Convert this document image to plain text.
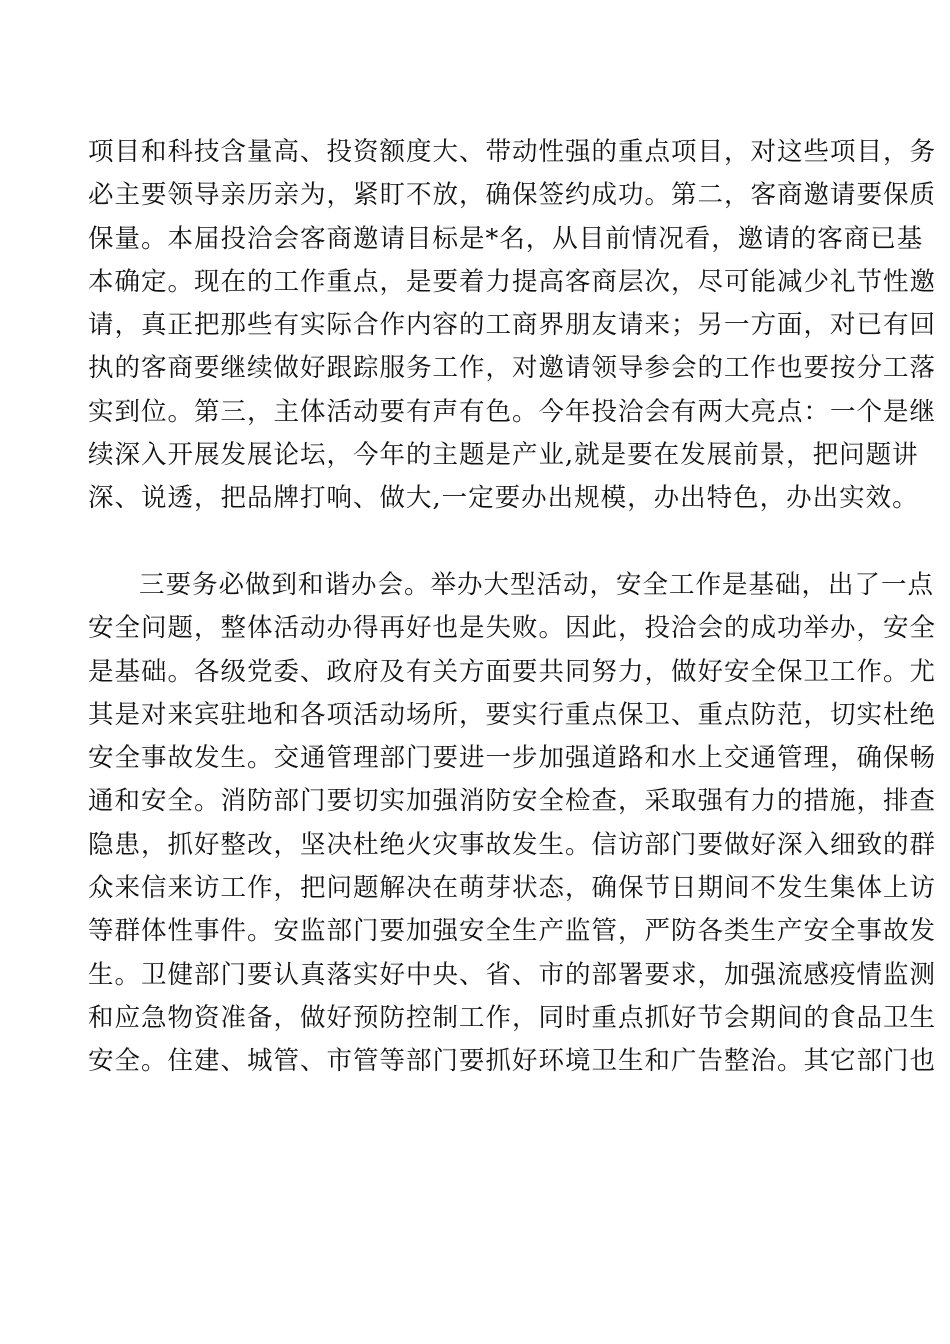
项目和科技含量高、投资额度大、带动性强的重点项目，对这些项目，务
必主要领导亲历亲为，紧盯不放，确保签约成功。第二，客商邀请要保质
保量。本届投洽会客商邀请目标是*名，从目前情况看，邀请的客商已基
本确定。现在的工作重点，是要着力提高客商层次，尽可能减少礼节性邀
请，真正把那些有实际合作内容的工商界朋友请来；另一方面，对已有回
执的客商要继续做好跟踪服务工作，对邀请领导参会的工作也要按分工落
实到位。第三，主体活动要有声有色。今年投洽会有两大亮点：一个是继
续深入开展发展论坛，今年的主题是产业,就是要在发展前景，把问题讲
深、说透，把品牌打响、做大,一定要办出规模，办出特色，办出实效。
三要务必做到和谐办会。举办大型活动，安全工作是基础，出了一点
安全问题，整体活动办得再好也是失败。因此，投洽会的成功举办，安全
是基础。各级党委、政府及有关方面要共同努力，做好安全保卫工作。尤
其是对来宾驻地和各项活动场所，要实行重点保卫、重点防范，切实杜绝
安全事故发生。交通管理部门要进一步加强道路和水上交通管理，确保畅
通和安全。消防部门要切实加强消防安全检查，采取强有力的措施，排查
隐患，抓好整改，坚决杜绝火灾事故发生。信访部门要做好深入细致的群
众来信来访工作，把问题解决在萌芽状态，确保节日期间不发生集体上访
等群体性事件。安监部门要加强安全生产监管，严防各类生产安全事故发
生。卫健部门要认真落实好中央、省、市的部署要求，加强流感疫情监测
和应急物资准备，做好预防控制工作，同时重点抓好节会期间的食品卫生
安全。住建、城管、市管等部门要抓好环境卫生和广告整治。其它部门也
